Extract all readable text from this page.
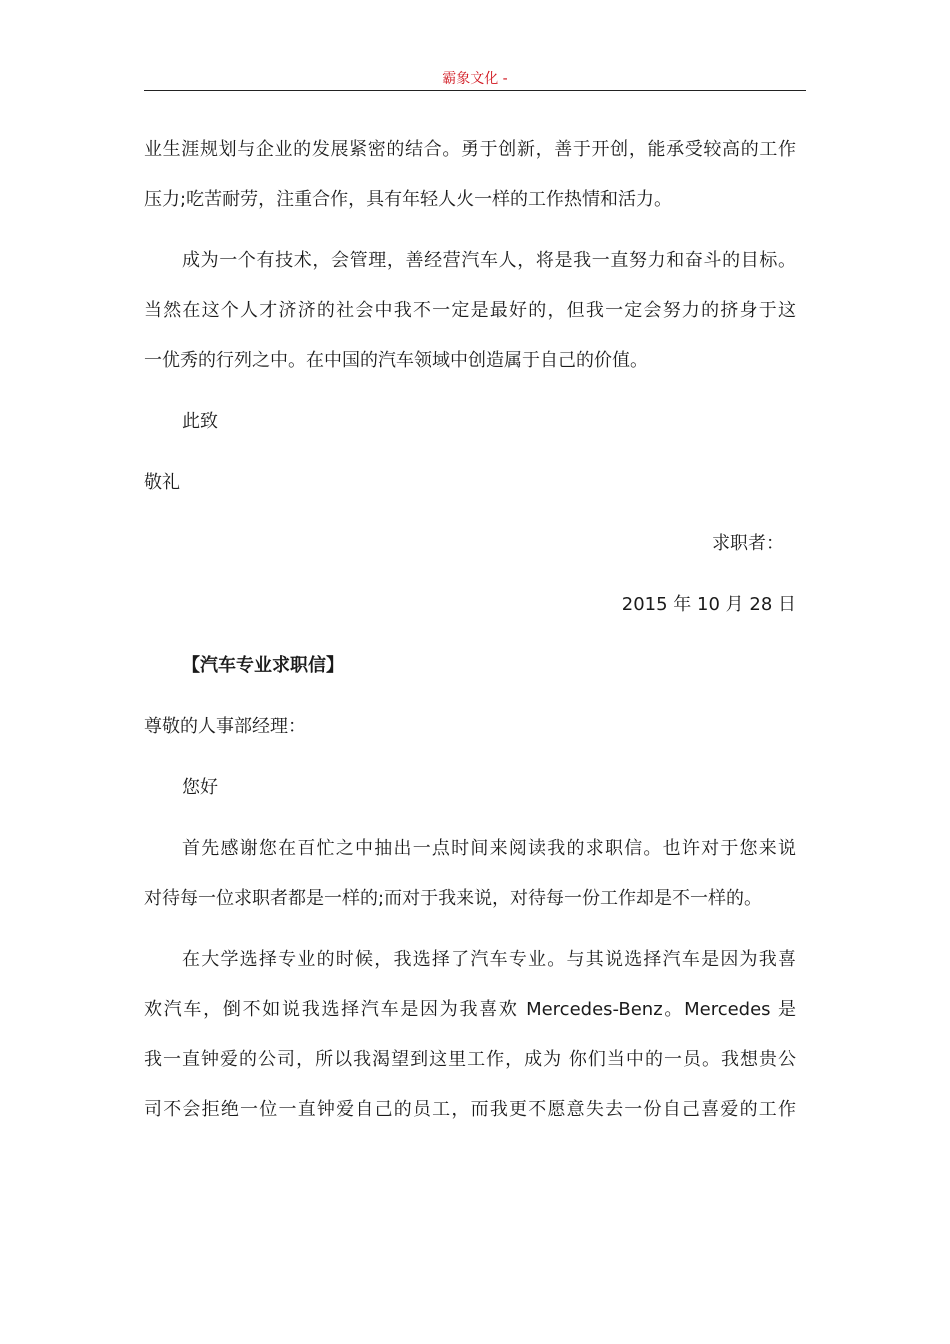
霸象文化 -
业生涯规划与企业的发展紧密的结合。勇于创新，善于开创，能承受较高的工作
压力;吃苦耐劳，注重合作，具有年轻人火一样的工作热情和活力。
成为一个有技术，会管理，善经营汽车人，将是我一直努力和奋斗的目标。
当然在这个人才济济的社会中我不一定是最好的，但我一定会努力的挤身于这
一优秀的行列之中。在中国的汽车领域中创造属于自己的价值。
此致
敬礼
求职者：
2015 年 10 月 28 日
【汽车专业求职信】
尊敬的人事部经理：
您好
首先感谢您在百忙之中抽出一点时间来阅读我的求职信。也许对于您来说
对待每一位求职者都是一样的;而对于我来说，对待每一份工作却是不一样的。
在大学选择专业的时候，我选择了汽车专业。与其说选择汽车是因为我喜
欢汽车，倒不如说我选择汽车是因为我喜欢 Mercedes-Benz。Mercedes 是
我一直钟爱的公司，所以我渴望到这里工作，成为 你们当中的一员。我想贵公
司不会拒绝一位一直钟爱自己的员工，而我更不愿意失去一份自己喜爱的工作
